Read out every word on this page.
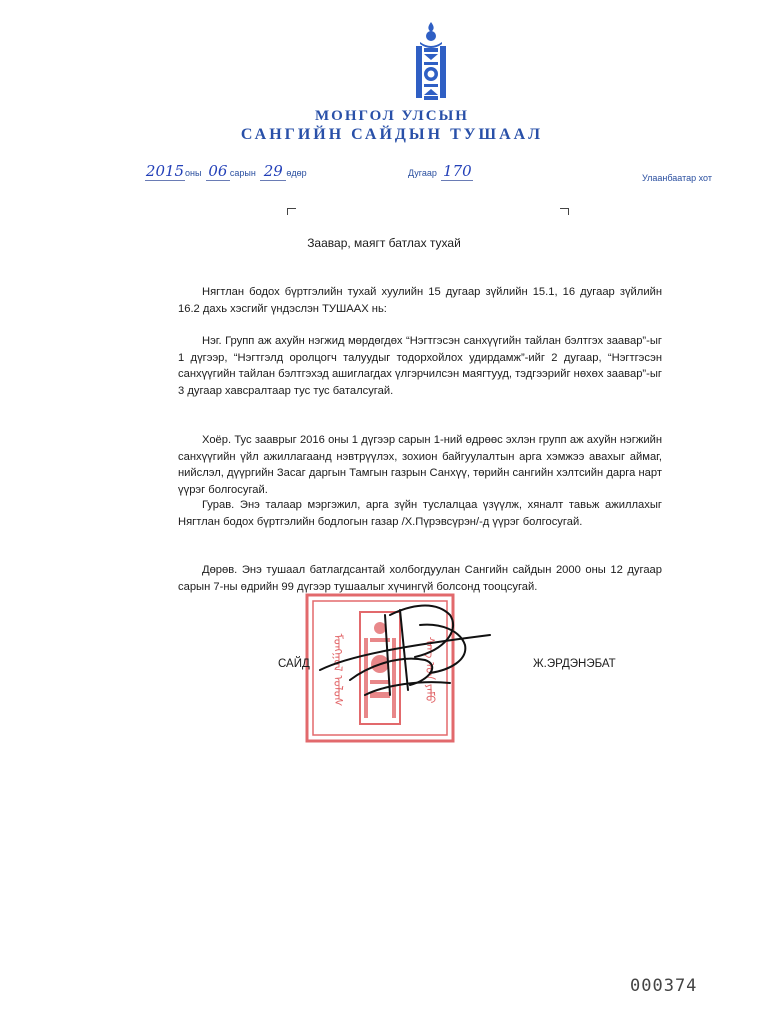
МОНГОЛ УЛСЫН
САНГИЙН САЙДЫН ТУШААЛ
2015оны 06 сарын 29 өдөр	Дугаар 170	Улаанбаатар хот
Заавар, маягт батлах тухай
Нягтлан бодох бүртгэлийн тухай хуулийн 15 дугаар зүйлийн 15.1, 16 дугаар зүйлийн 16.2 дахь хэсгийг үндэслэн ТУШААХ нь:
Нэг. Групп аж ахуйн нэгжид мөрдөгдөх “Нэгтгэсэн санхүүгийн тайлан бэлтгэх заавар”-ыг 1 дүгээр, “Нэгтгэлд оролцогч талуудыг тодорхойлох удирдамж”-ийг 2 дугаар, “Нэгтгэсэн санхүүгийн тайлан бэлтгэхэд ашиглагдах үлгэрчилсэн маягтууд, тэдгээрийг нөхөх заавар”-ыг 3 дугаар хавсралтаар тус тус баталсугай.
Хоёр. Тус зааврыг 2016 оны 1 дүгээр сарын 1-ний өдрөөс эхлэн групп аж ахуйн нэгжийн санхүүгийн үйл ажиллагаанд нэвтрүүлэх, зохион байгуулалтын арга хэмжээ авахыг аймаг, нийслэл, дүүргийн Засаг даргын Тамгын газрын Санхүү, төрийн сангийн хэлтсийн дарга нарт үүрэг болгосугай.
Гурав. Энэ талаар мэргэжил, арга зүйн туслалцаа үзүүлж, хяналт тавьж ажиллахыг Нягтлан бодох бүртгэлийн бодлогын газар /Х.Пүрэвсүрэн/-д үүрэг болгосугай.
Дөрөв. Энэ тушаал батлагдсантай холбогдуулан Сангийн сайдын 2000 оны 12 дугаар сарын 7-ны өдрийн 99 дүгээр тушаалыг хүчингүй болсонд тооцсугай.
ᠮᠣᠩᠭᠣᠯ ᠤᠯᠤᠰ	ᠰᠠᠩ ᠤᠨ ᠶᠠᠮᠤ
САЙД	Ж.ЭРДЭНЭБАТ
000374
